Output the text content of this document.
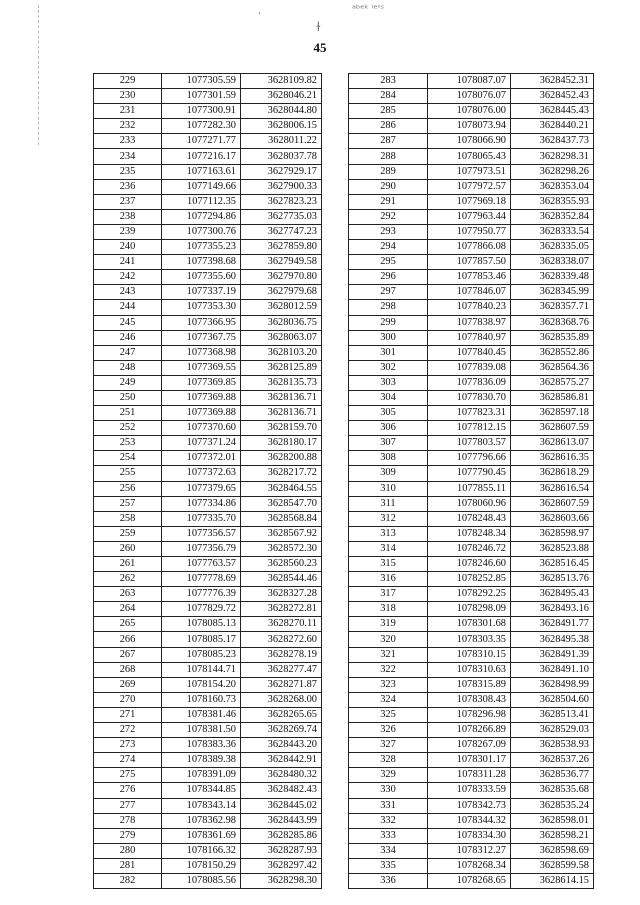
ᵃᵇᵉᵏ ˡᵉ'ˢ
ʹ
ɫ
45
229	1077305.59	3628109.82
230	1077301.59	3628046.21
231	1077300.91	3628044.80
232	1077282.30	3628006.15
233	1077271.77	3628011.22
234	1077216.17	3628037.78
235	1077163.61	3627929.17
236	1077149.66	3627900.33
237	1077112.35	3627823.23
238	1077294.86	3627735.03
239	1077300.76	3627747.23
240	1077355.23	3627859.80
241	1077398.68	3627949.58
242	1077355.60	3627970.80
243	1077337.19	3627979.68
244	1077353.30	3628012.59
245	1077366.95	3628036.75
246	1077367.75	3628063.07
247	1077368.98	3628103.20
248	1077369.55	3628125.89
249	1077369.85	3628135.73
250	1077369.88	3628136.71
251	1077369.88	3628136.71
252	1077370.60	3628159.70
253	1077371.24	3628180.17
254	1077372.01	3628200.88
255	1077372.63	3628217.72
256	1077379.65	3628464.55
257	1077334.86	3628547.70
258	1077335.70	3628568.84
259	1077356.57	3628567.92
260	1077356.79	3628572.30
261	1077763.57	3628560.23
262	1077778.69	3628544.46
263	1077776.39	3628327.28
264	1077829.72	3628272.81
265	1078085.13	3628270.11
266	1078085.17	3628272.60
267	1078085.23	3628278.19
268	1078144.71	3628277.47
269	1078154.20	3628271.87
270	1078160.73	3628268.00
271	1078381.46	3628265.65
272	1078381.50	3628269.74
273	1078383.36	3628443.20
274	1078389.38	3628442.91
275	1078391.09	3628480.32
276	1078344.85	3628482.43
277	1078343.14	3628445.02
278	1078362.98	3628443.99
279	1078361.69	3628285.86
280	1078166.32	3628287.93
281	1078150.29	3628297.42
282	1078085.56	3628298.30
283	1078087.07	3628452.31
284	1078076.07	3628452.43
285	1078076.00	3628445.43
286	1078073.94	3628440.21
287	1078066.90	3628437.73
288	1078065.43	3628298.31
289	1077973.51	3628298.26
290	1077972.57	3628353.04
291	1077969.18	3628355.93
292	1077963.44	3628352.84
293	1077950.77	3628333.54
294	1077866.08	3628335.05
295	1077857.50	3628338.07
296	1077853.46	3628339.48
297	1077846.07	3628345.99
298	1077840.23	3628357.71
299	1077838.97	3628368.76
300	1077840.97	3628535.89
301	1077840.45	3628552.86
302	1077839.08	3628564.36
303	1077836.09	3628575.27
304	1077830.70	3628586.81
305	1077823.31	3628597.18
306	1077812.15	3628607.59
307	1077803.57	3628613.07
308	1077796.66	3628616.35
309	1077790.45	3628618.29
310	1077855.11	3628616.54
311	1078060.96	3628607.59
312	1078248.43	3628603.66
313	1078248.34	3628598.97
314	1078246.72	3628523.88
315	1078246.60	3628516.45
316	1078252.85	3628513.76
317	1078292.25	3628495.43
318	1078298.09	3628493.16
319	1078301.68	3628491.77
320	1078303.35	3628495.38
321	1078310.15	3628491.39
322	1078310.63	3628491.10
323	1078315.89	3628498.99
324	1078308.43	3628504.60
325	1078296.98	3628513.41
326	1078266.89	3628529.03
327	1078267.09	3628538.93
328	1078301.17	3628537.26
329	1078311.28	3628536.77
330	1078333.59	3628535.68
331	1078342.73	3628535.24
332	1078344.32	3628598.01
333	1078334.30	3628598.21
334	1078312.27	3628598.69
335	1078268.34	3628599.58
336	1078268.65	3628614.15
